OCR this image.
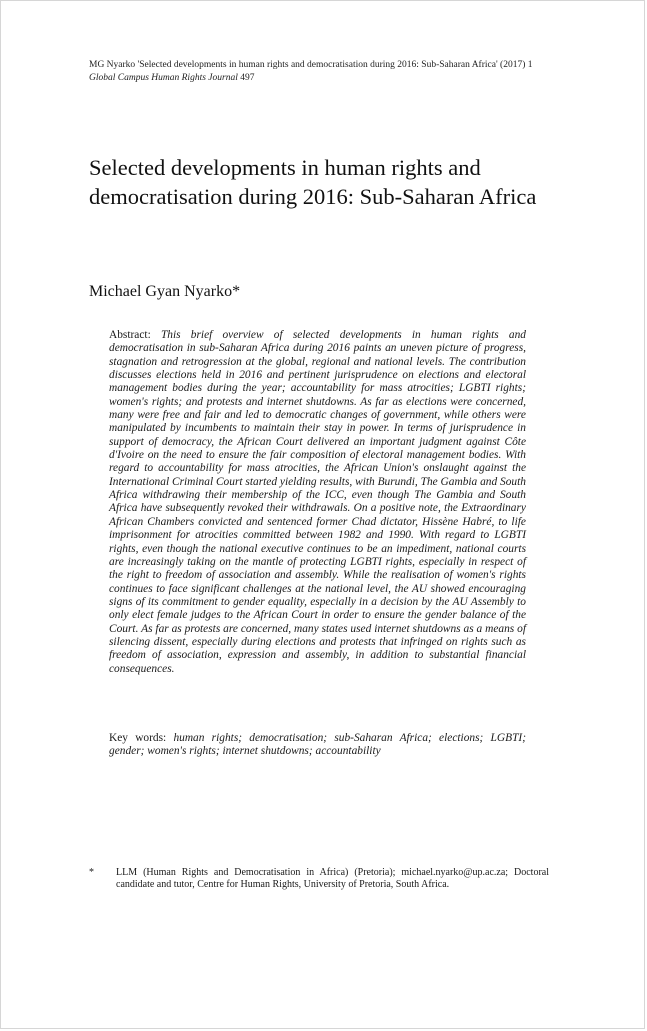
MG Nyarko 'Selected developments in human rights and democratisation during 2016: Sub-Saharan Africa' (2017) 1 Global Campus Human Rights Journal 497
Selected developments in human rights and democratisation during 2016: Sub-Saharan Africa
Michael Gyan Nyarko*

Abstract: This brief overview of selected developments in human rights and democratisation in sub-Saharan Africa during 2016 paints an uneven picture of progress, stagnation and retrogression at the global, regional and national levels. The contribution discusses elections held in 2016 and pertinent jurisprudence on elections and electoral management bodies during the year; accountability for mass atrocities; LGBTI rights; women's rights; and protests and internet shutdowns. As far as elections were concerned, many were free and fair and led to democratic changes of government, while others were manipulated by incumbents to maintain their stay in power. In terms of jurisprudence in support of democracy, the African Court delivered an important judgment against Côte d'Ivoire on the need to ensure the fair composition of electoral management bodies. With regard to accountability for mass atrocities, the African Union's onslaught against the International Criminal Court started yielding results, with Burundi, The Gambia and South Africa withdrawing their membership of the ICC, even though The Gambia and South Africa have subsequently revoked their withdrawals. On a positive note, the Extraordinary African Chambers convicted and sentenced former Chad dictator, Hissène Habré, to life imprisonment for atrocities committed between 1982 and 1990. With regard to LGBTI rights, even though the national executive continues to be an impediment, national courts are increasingly taking on the mantle of protecting LGBTI rights, especially in respect of the right to freedom of association and assembly. While the realisation of women's rights continues to face significant challenges at the national level, the AU showed encouraging signs of its commitment to gender equality, especially in a decision by the AU Assembly to only elect female judges to the African Court in order to ensure the gender balance of the Court. As far as protests are concerned, many states used internet shutdowns as a means of silencing dissent, especially during elections and protests that infringed on rights such as freedom of association, expression and assembly, in addition to substantial financial consequences.

Key words: human rights; democratisation; sub-Saharan Africa; elections; LGBTI; gender; women's rights; internet shutdowns; accountability

* LLM (Human Rights and Democratisation in Africa) (Pretoria); michael.nyarko@up.ac.za; Doctoral candidate and tutor, Centre for Human Rights, University of Pretoria, South Africa.
